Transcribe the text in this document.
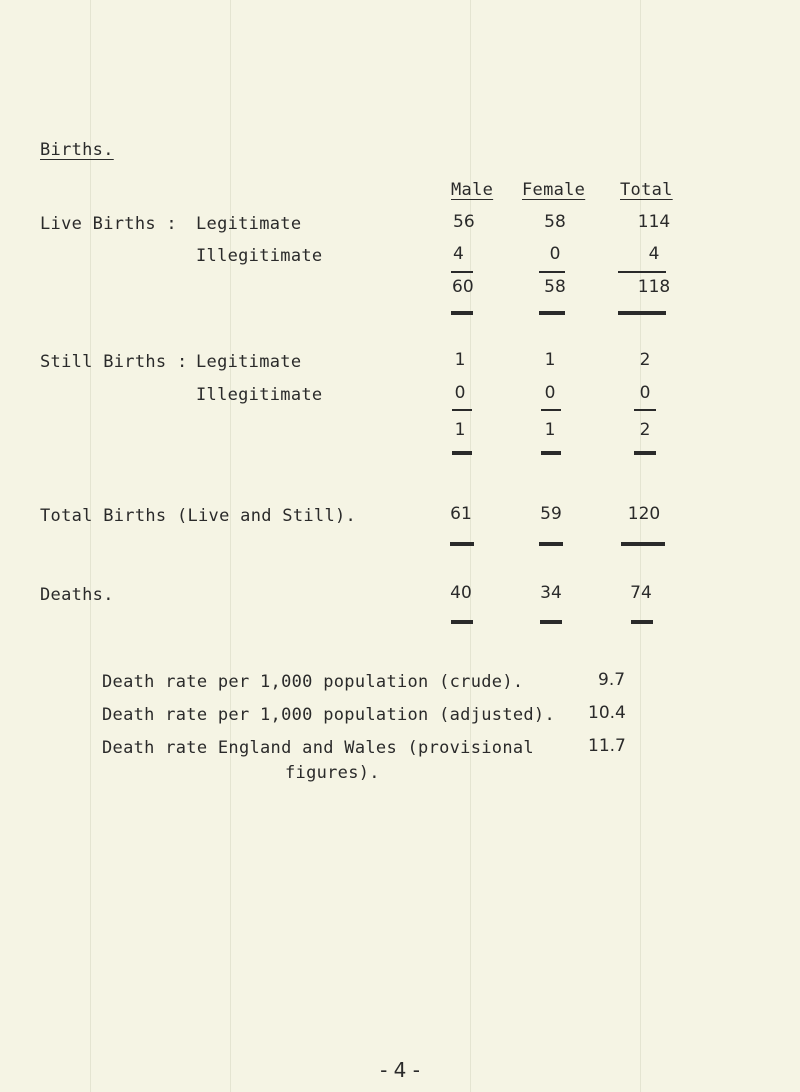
Births.
Male Female Total
Live Births : Legitimate	56	58	114
Illegitimate	4	0	4
60	58	118
Still Births : Legitimate	1	1	2
Illegitimate	0	0	0
1	1	2
Total Births (Live and Still).	61	59	120
Deaths.	40	34	74
Death rate per 1,000 population (crude).	9.7
Death rate per 1,000 population (adjusted). 10.4
Death rate England and Wales (provisional	11.7
figures).
- 4 -
